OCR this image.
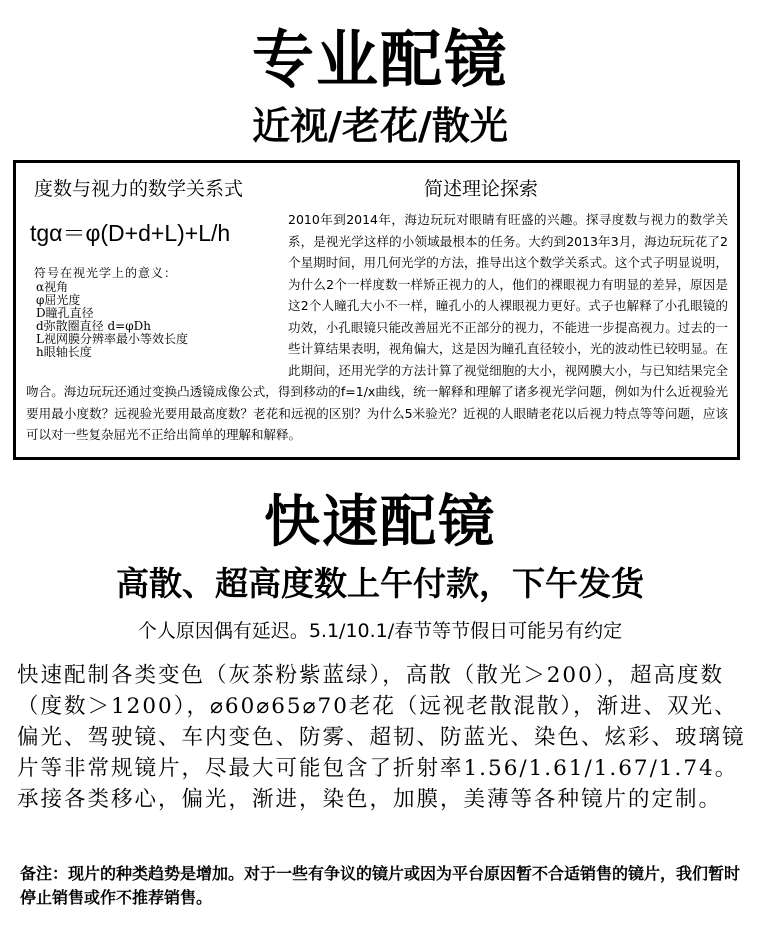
专业配镜
近视/老花/散光
度数与视力的数学关系式	简述理论探索
tgα＝φ(D+d+L)+L/h
符号在视光学上的意义：
α视角
φ屈光度
D瞳孔直径
d弥散圈直径 d=φDh
L视网膜分辨率最小等效长度
h眼轴长度
2010年到2014年，海边玩玩对眼睛有旺盛的兴趣。探寻度数与视力的数学关系，是视光学这样的小领域最根本的任务。大约到2013年3月，海边玩玩花了2个星期时间，用几何光学的方法，推导出这个数学关系式。这个式子明显说明，为什么2个一样度数一样矫正视力的人，他们的裸眼视力有明显的差异，原因是这2个人瞳孔大小不一样，瞳孔小的人裸眼视力更好。式子也解释了小孔眼镜的功效，小孔眼镜只能改善屈光不正部分的视力，不能进一步提高视力。过去的一些计算结果表明，视角偏大，这是因为瞳孔直径较小，光的波动性已较明显。在此期间，还用光学的方法计算了视觉细胞的大小，视网膜大小，与已知结果完全吻合。海边玩玩还通过变换凸透镜成像公式，得到移动的f=1/x曲线，统一解释和理解了诸多视光学问题，例如为什么近视验光要用最小度数？远视验光要用最高度数？老花和远视的区别？为什么5米验光？近视的人眼睛老花以后视力特点等等问题，应该可以对一些复杂屈光不正给出简单的理解和解释。
快速配镜
高散、超高度数上午付款，下午发货
个人原因偶有延迟。5.1/10.1/春节等节假日可能另有约定
快速配制各类变色（灰茶粉紫蓝绿），高散（散光＞200），超高度数（度数＞1200），⌀60⌀65⌀70老花（远视老散混散），渐进、双光、偏光、驾驶镜、车内变色、防雾、超韧、防蓝光、染色、炫彩、玻璃镜片等非常规镜片，尽最大可能包含了折射率1.56/1.61/1.67/1.74。承接各类移心，偏光，渐进，染色，加膜，美薄等各种镜片的定制。
备注：现片的种类趋势是增加。对于一些有争议的镜片或因为平台原因暂不合适销售的镜片，我们暂时停止销售或作不推荐销售。
